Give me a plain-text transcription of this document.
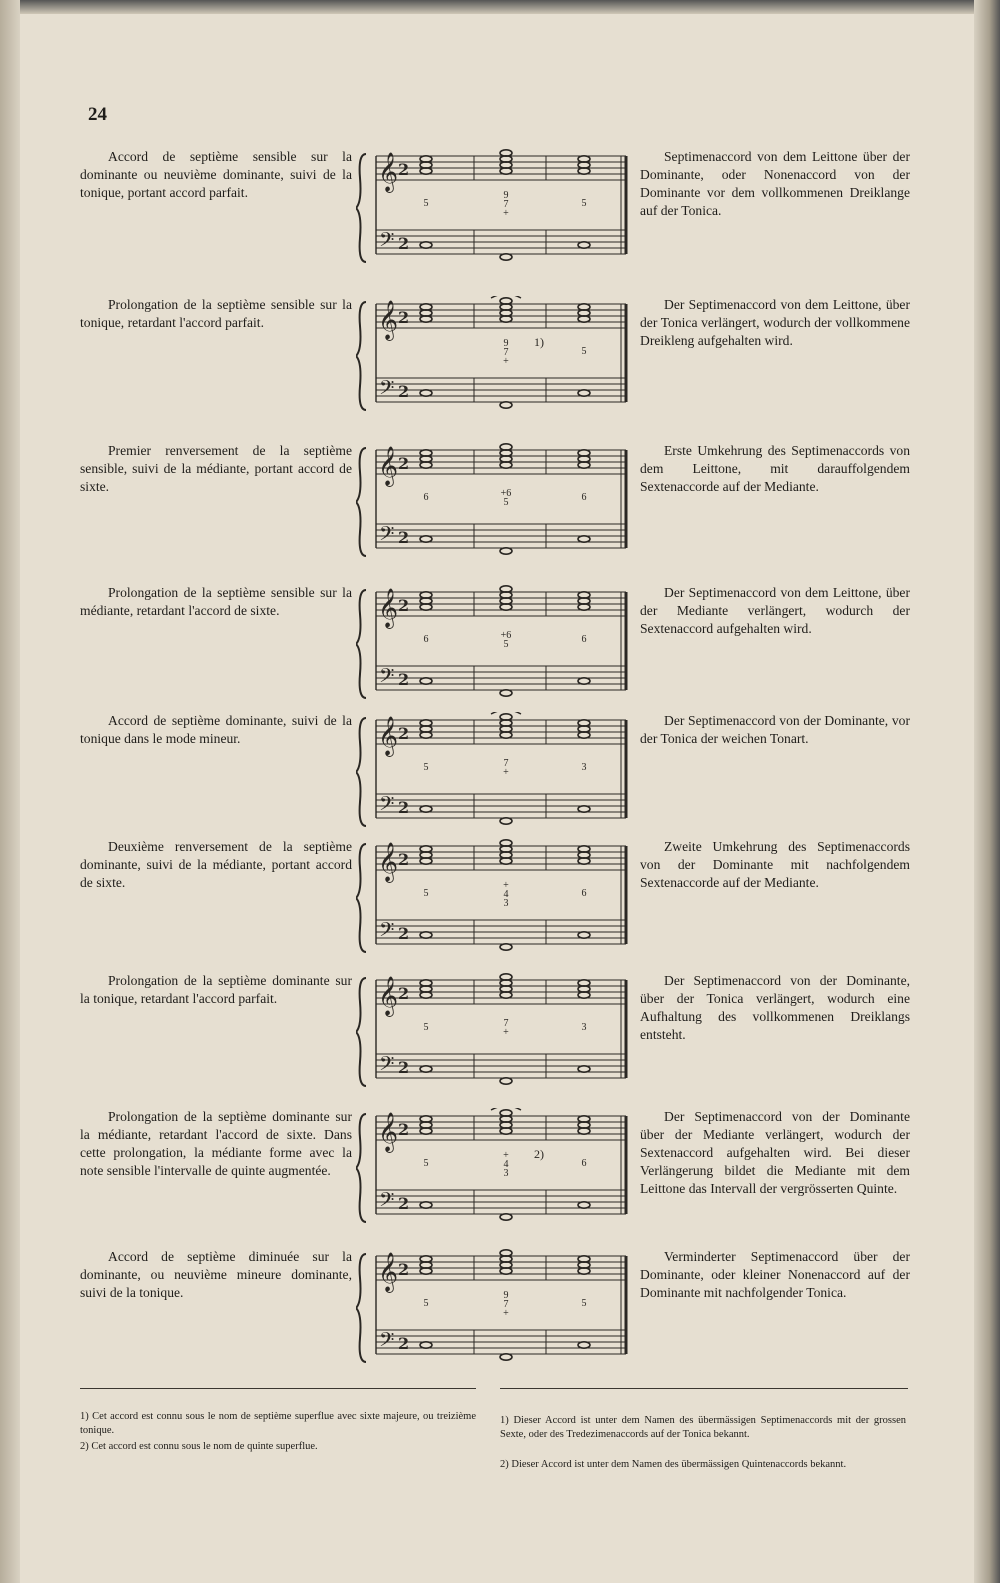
24
Accord de septième sensible sur la dominante ou neuvième dominante, suivi de la tonique, portant accord parfait.
Septimenaccord von dem Leittone über der Dominante, oder Nonenaccord von der Dominante vor dem vollkommenen Dreiklange auf der Tonica.
𝄞
𝄢
2
2
5
9
7
+
5
Prolongation de la septième sensible sur la tonique, retardant l'accord parfait.
Der Septimenaccord von dem Leittone, über der Tonica verlängert, wodurch der vollkommene Dreikleng aufgehalten wird.
𝄞
𝄢
2
2
9
7
+
5
1)
Premier renversement de la septième sensible, suivi de la médiante, portant accord de sixte.
Erste Umkehrung des Septimenaccords von dem Leittone, mit darauffolgendem Sextenaccorde auf der Mediante.
𝄞
𝄢
2
2
6	+6
5	6
Prolongation de la septième sensible sur la médiante, retardant l'accord de sixte.
Der Septimenaccord von dem Leittone, über der Mediante verlängert, wodurch der Sextenaccord aufgehalten wird.
𝄞
𝄢
2
2
6	+6
5	6
Accord de septième dominante, suivi de la tonique dans le mode mineur.
Der Septimenaccord von der Dominante, vor der Tonica der weichen Tonart.
𝄞
𝄢
2
2
5	7
+	3
Deuxième renversement de la septième dominante, suivi de la médiante, portant accord de sixte.
Zweite Umkehrung des Septimenaccords von der Dominante mit nachfolgendem Sextenaccorde auf der Mediante.
𝄞
𝄢
2
2
5
+
4
3
6
Prolongation de la septième dominante sur la tonique, retardant l'accord parfait.
Der Septimenaccord von der Dominante, über der Tonica verlängert, wodurch eine Aufhaltung des vollkommenen Dreiklangs entsteht.
𝄞
𝄢
2
2
5	7
+	3
Prolongation de la septième dominante sur la médiante, retardant l'accord de sixte. Dans cette prolongation, la médiante forme avec la note sensible l'intervalle de quinte augmentée.
Der Septimenaccord von der Dominante über der Mediante verlängert, wodurch der Sextenaccord aufgehalten wird. Bei dieser Verlängerung bildet die Mediante mit dem Leittone das Intervall der vergrösserten Quinte.
𝄞
𝄢
2
2
5
+
4
3
6
2)
Accord de septième diminuée sur la dominante, ou neuvième mineure dominante, suivi de la tonique.
Verminderter Septimenaccord über der Dominante, oder kleiner Nonenaccord auf der Dominante mit nachfolgender Tonica.
𝄞
𝄢
2
2
5
9
7
+
5
1) Cet accord est connu sous le nom de septième superflue avec sixte majeure, ou treizième tonique.
2) Cet accord est connu sous le nom de quinte superflue.
1) Dieser Accord ist unter dem Namen des übermässigen Septimenaccords mit der grossen Sexte, oder des Tredezimenaccords auf der Tonica bekannt.
2) Dieser Accord ist unter dem Namen des übermässigen Quintenaccords bekannt.
